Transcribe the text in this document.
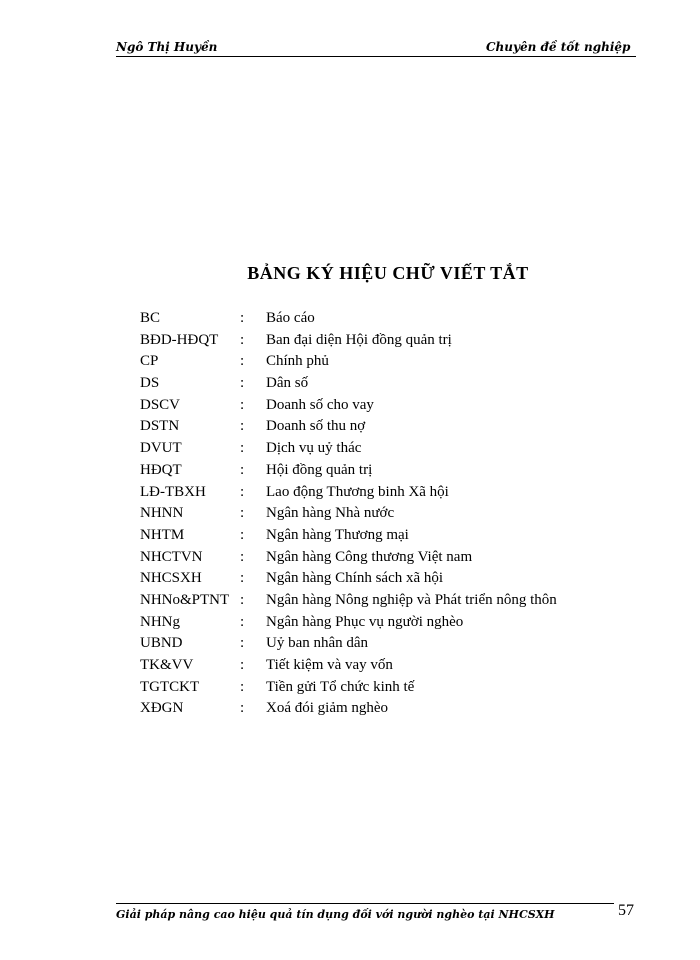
Ngô Thị Huyền	Chuyên đề tốt nghiệp
BẢNG KÝ HIỆU CHỮ VIẾT TẮT
BC	: Báo cáo
BĐD-HĐQT : Ban đại diện Hội đồng quản trị
CP	: Chính phủ
DS	: Dân số
DSCV	: Doanh số cho vay
DSTN	: Doanh số thu nợ
DVUT	: Dịch vụ uỷ thác
HĐQT	: Hội đồng quản trị
LĐ-TBXH : Lao động Thương binh Xã hội
NHNN	: Ngân hàng Nhà nước
NHTM	: Ngân hàng Thương mại
NHCTVN	: Ngân hàng Công thương Việt nam
NHCSXH	: Ngân hàng Chính sách xã hội
NHNo&PTNT : Ngân hàng Nông nghiệp và Phát triển nông thôn
NHNg	: Ngân hàng Phục vụ người nghèo
UBND	: Uỷ ban nhân dân
TK&VV	: Tiết kiệm và vay vốn
TGTCKT	: Tiền gửi Tổ chức kinh tế
XĐGN	: Xoá đói giảm nghèo
Giải pháp nâng cao hiệu quả tín dụng đối với người nghèo tại NHCSXH	57
